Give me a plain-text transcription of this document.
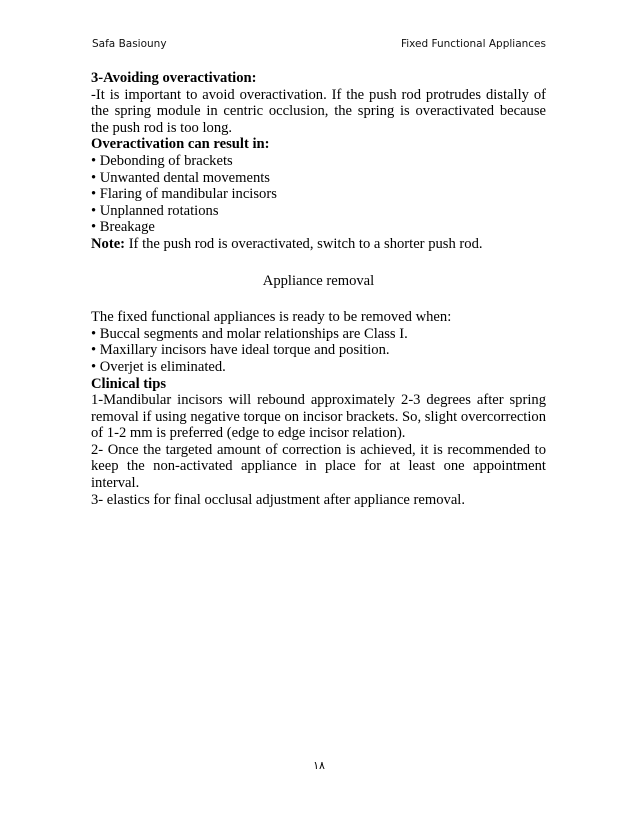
Safa Basiouny	Fixed Functional Appliances

3-Avoiding overactivation:

-It is important to avoid overactivation. If the push rod protrudes distally of the spring module in centric occlusion, the spring is overactivated because the push rod is too long.

Overactivation can result in:

• Debonding of brackets

• Unwanted dental movements

• Flaring of mandibular incisors

• Unplanned rotations

• Breakage

Note: If the push rod is overactivated, switch to a shorter push rod.

Appliance removal

The fixed functional appliances is ready to be removed when:

• Buccal segments and molar relationships are Class I.

• Maxillary incisors have ideal torque and position.

• Overjet is eliminated.

Clinical tips

1-Mandibular incisors will rebound approximately 2-3 degrees after spring removal if using negative torque on incisor brackets. So, slight overcorrection of 1-2 mm is preferred (edge to edge incisor relation).

2- Once the targeted amount of correction is achieved, it is recommended to keep the non-activated appliance in place for at least one appointment interval.

3- elastics for final occlusal adjustment after appliance removal.

١٨
